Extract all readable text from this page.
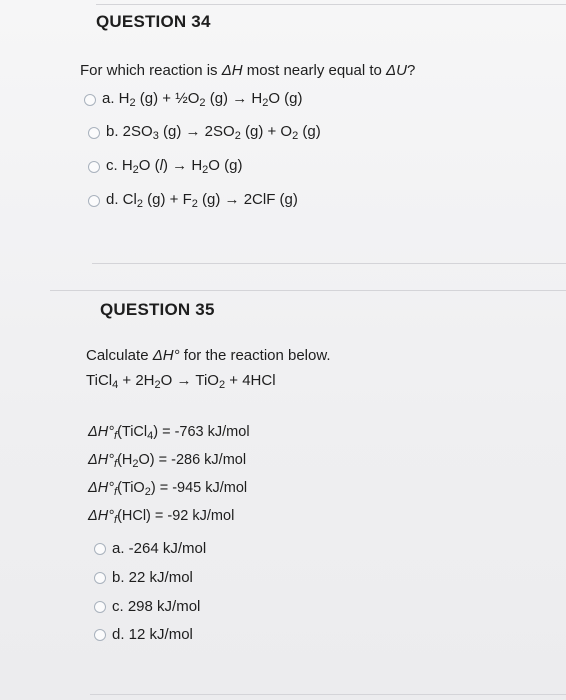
QUESTION 34
For which reaction is ΔH most nearly equal to ΔU?
a. $H_2$ $(g) + \frac{1}{2}O_2$ $(g) \to H_2O$ (g)
b. $2SO_3$ $(g) \to 2SO_2$ $(g) + O_2$ (g)
c. $H_2O$ $(l) \to H_2O$ (g)
d. $Cl_2$ $(g) + F_2$ (g) → 2ClF (g)
QUESTION 35
Calculate ΔH° for the reaction below.
TiCl$_4$ + $2H_2O \to TiO_2 + 4HCl$
$\Delta H^\circ_f(TiCl_4) = -763$ kJ/mol
$\Delta H^\circ_f(H_2O) = -286$ kJ/mol
$\Delta H^\circ_f(TiO_2) = -945$ kJ/mol
$\Delta H^\circ_f(HCl) = -92$ kJ/mol
a. -264 kJ/mol
b. 22 kJ/mol
c. 298 kJ/mol
d. 12 kJ/mol
